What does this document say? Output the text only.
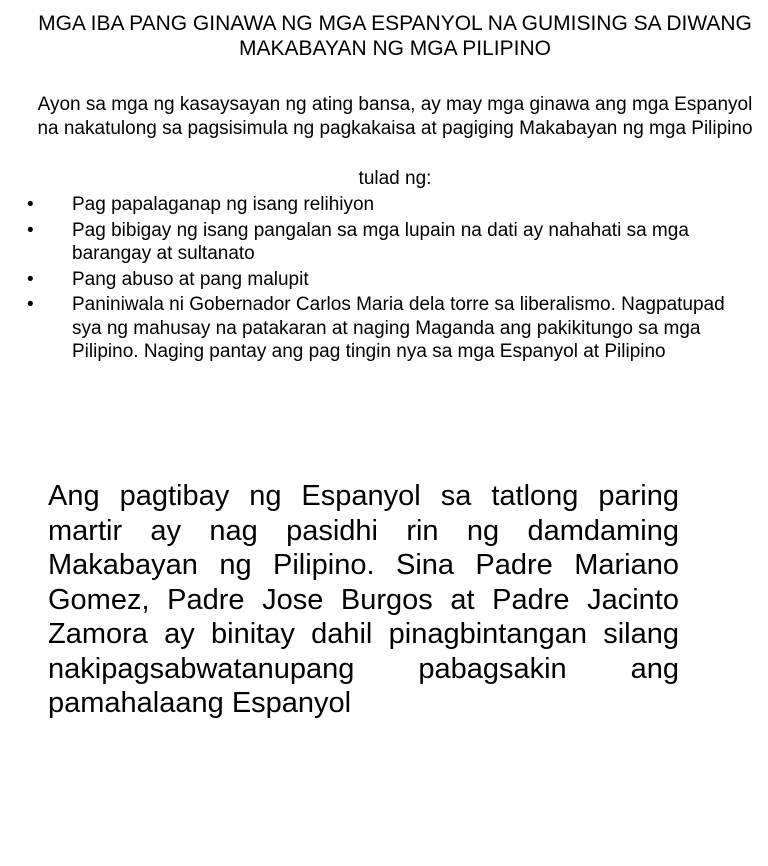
MGA IBA PANG GINAWA NG MGA ESPANYOL NA GUMISING SA DIWANG MAKABAYAN NG MGA PILIPINO

Ayon sa mga ng kasaysayan ng ating bansa, ay may mga ginawa ang mga Espanyol na nakatulong sa pagsisimula ng pagkakaisa at pagiging Makabayan ng mga Pilipino

tulad ng:

• Pag papalaganap ng isang relihiyon
• Pag bibigay ng isang pangalan sa mga lupain na dati ay nahahati sa mga barangay at sultanato
• Pang abuso at pang malupit
• Paniniwala ni Gobernador Carlos Maria dela torre sa liberalismo. Nagpatupad sya ng mahusay na patakaran at naging Maganda ang pakikitungo sa mga Pilipino. Naging pantay ang pag tingin nya sa mga Espanyol at Pilipino

Ang pagtibay ng Espanyol sa tatlong paring martir ay nag pasidhi rin ng damdaming Makabayan ng Pilipino. Sina Padre Mariano Gomez, Padre Jose Burgos at Padre Jacinto Zamora ay binitay dahil pinagbintangan silang nakipagsabwatanupang pabagsakin ang pamahalaang Espanyol
